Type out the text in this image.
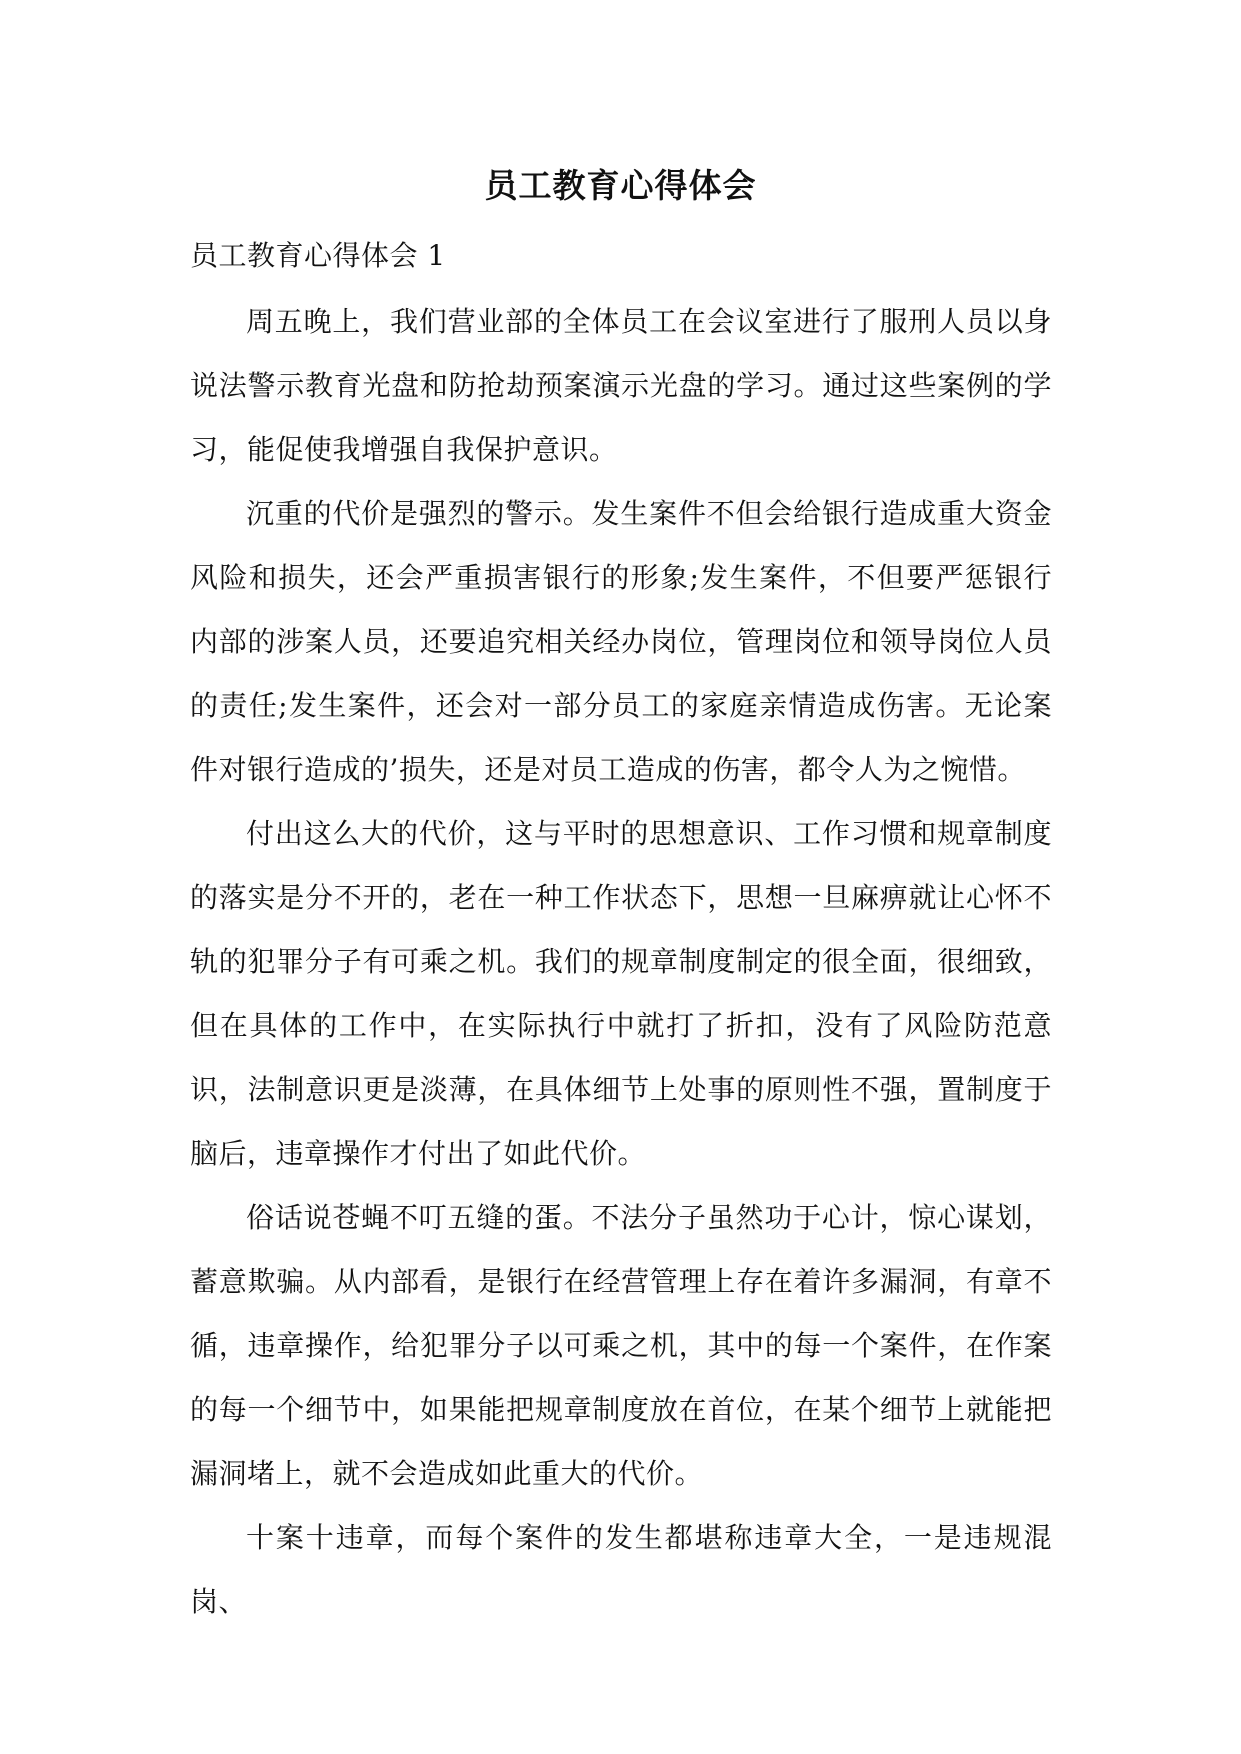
员工教育心得体会

员工教育心得体会 1

周五晚上，我们营业部的全体员工在会议室进行了服刑人员以身说法警示教育光盘和防抢劫预案演示光盘的学习。通过这些案例的学习，能促使我增强自我保护意识。

沉重的代价是强烈的警示。发生案件不但会给银行造成重大资金风险和损失，还会严重损害银行的形象;发生案件，不但要严惩银行内部的涉案人员，还要追究相关经办岗位，管理岗位和领导岗位人员的责任;发生案件，还会对一部分员工的家庭亲情造成伤害。无论案件对银行造成的’损失，还是对员工造成的伤害，都令人为之惋惜。

付出这么大的代价，这与平时的思想意识、工作习惯和规章制度的落实是分不开的，老在一种工作状态下，思想一旦麻痹就让心怀不轨的犯罪分子有可乘之机。我们的规章制度制定的很全面，很细致，但在具体的工作中，在实际执行中就打了折扣，没有了风险防范意识，法制意识更是淡薄，在具体细节上处事的原则性不强，置制度于脑后，违章操作才付出了如此代价。

俗话说苍蝇不叮五缝的蛋。不法分子虽然功于心计，惊心谋划，蓄意欺骗。从内部看，是银行在经营管理上存在着许多漏洞，有章不循，违章操作，给犯罪分子以可乘之机，其中的每一个案件，在作案的每一个细节中，如果能把规章制度放在首位，在某个细节上就能把漏洞堵上，就不会造成如此重大的代价。

十案十违章，而每个案件的发生都堪称违章大全，一是违规混岗、
